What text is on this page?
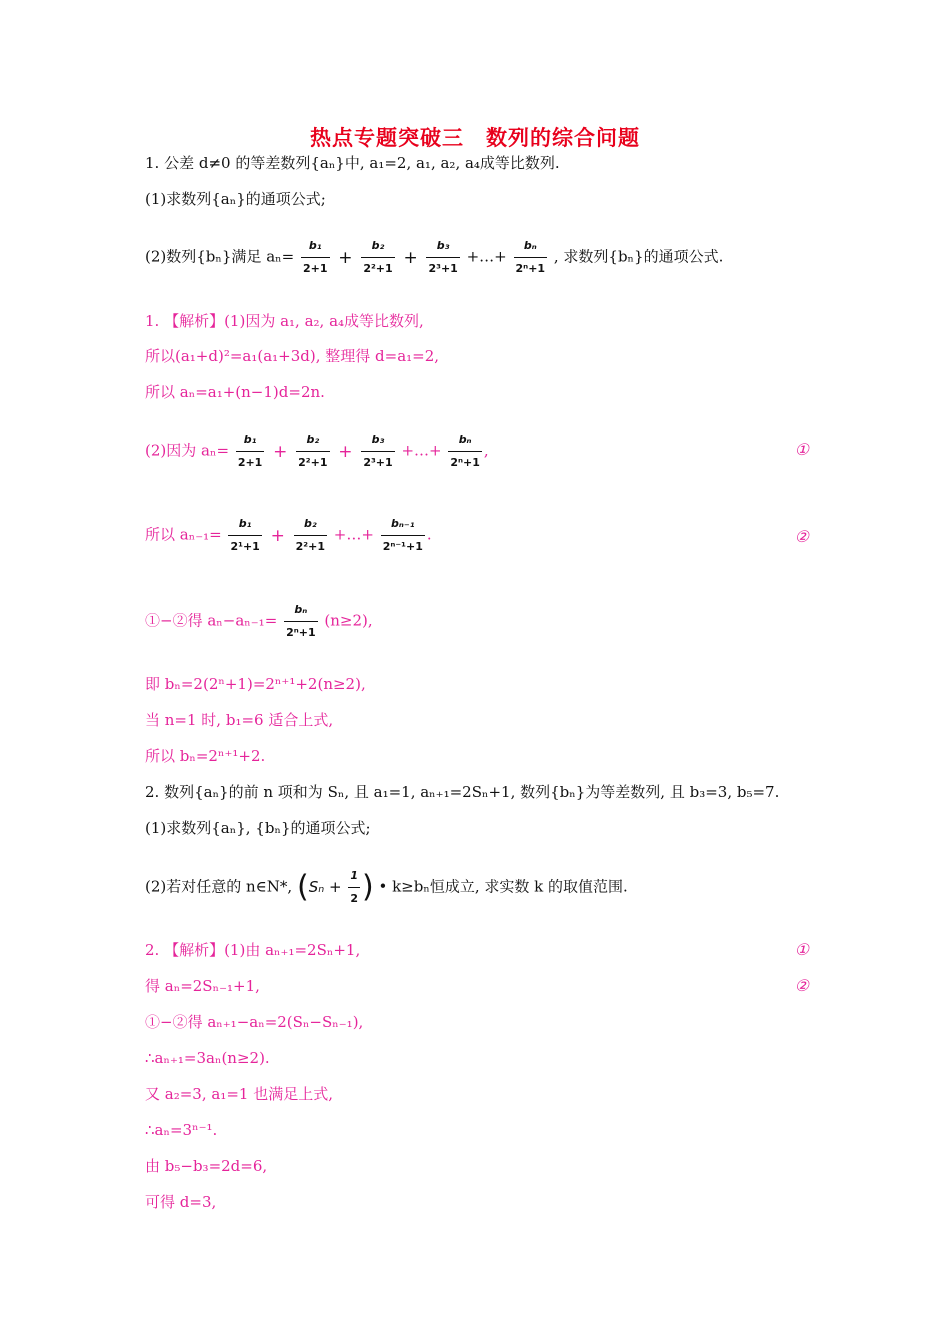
热点专题突破三　数列的综合问题
1. 公差 d≠0 的等差数列{aₙ}中, a₁=2, a₁, a₂, a₄成等比数列.
(1)求数列{aₙ}的通项公式;
(2)数列{bₙ}满足 $a_n= \frac{\text{b₁}}{2+1} + \frac{\text{b₂}}{\text{2²+1}} + \frac{\text{b₃}}{\text{2³+1}}$ +…+ $\frac{\text{bₙ}}{\text{2ⁿ+1}}$ , 求数列{bₙ}的通项公式.
1. 【解析】(1)因为 a₁, a₂, a₄成等比数列,
所以(a₁+d)²=a₁(a₁+3d), 整理得 d=a₁=2,
所以 aₙ=a₁+(n−1)d=2n.
(2)因为 $a_n= \frac{\text{b₁}}{2+1} + \frac{\text{b₂}}{\text{2²+1}} + \frac{\text{b₃}}{\text{2³+1}}$ +…+ $\frac{\text{bₙ}}{\text{2ⁿ+1}}$ ,	①
所以 $a_{n-1}= \frac{\text{b₁}}{\text{2¹+1}} + \frac{\text{b₂}}{\text{2²+1}}$ +…+ $\frac{\text{bₙ₋₁}}{\text{2ⁿ⁻¹+1}}$ .	②
①−②得 $a_n-a_{n-1}= \frac{\text{bₙ}}{\text{2ⁿ+1}} (n\ge 2)$,
即 bₙ=2(2ⁿ+1)=2ⁿ⁺¹+2(n≥2),
当 n=1 时, b₁=6 适合上式,
所以 bₙ=2ⁿ⁺¹+2.
2. 数列{aₙ}的前 n 项和为 Sₙ, 且 a₁=1, aₙ₊₁=2Sₙ+1, 数列{bₙ}为等差数列, 且 b₃=3, b₅=7.
(1)求数列{aₙ}, {bₙ}的通项公式;
(2)若对任意的 n∈N*, ($S_n + \frac{1}{2}$ ) • k≥bₙ恒成立, 求实数 k 的取值范围.
2. 【解析】(1)由 aₙ₊₁=2Sₙ+1,	①
得 aₙ=2Sₙ₋₁+1,	②
①−②得 aₙ₊₁−aₙ=2(Sₙ−Sₙ₋₁),
∴aₙ₊₁=3aₙ(n≥2).
又 a₂=3, a₁=1 也满足上式,
∴aₙ=3ⁿ⁻¹.
由 b₅−b₃=2d=6,
可得 d=3,
